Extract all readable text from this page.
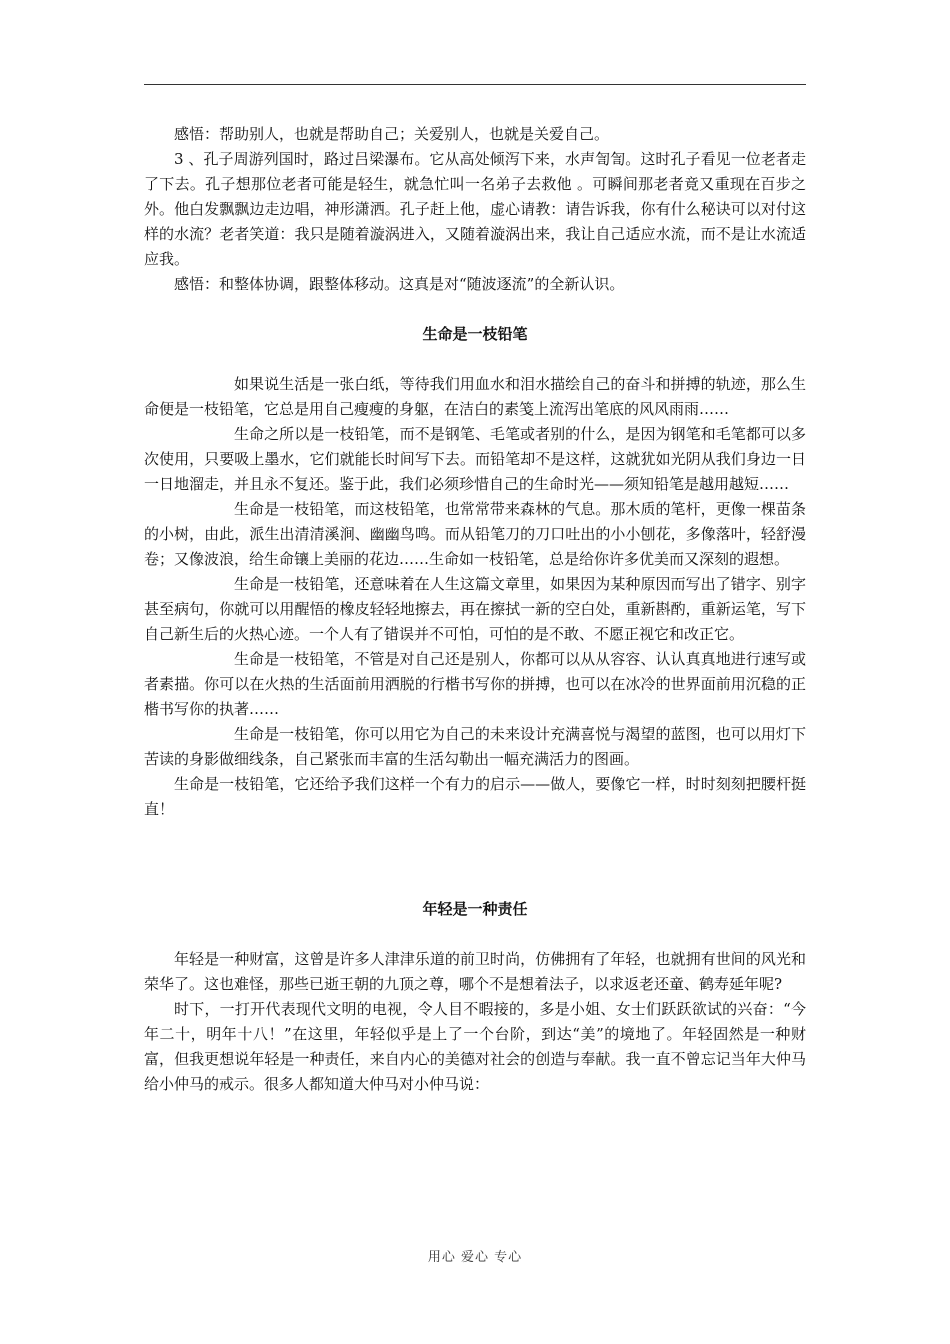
感悟：帮助别人，也就是帮助自己；关爱别人，也就是关爱自己。

3 、孔子周游列国时，路过吕梁瀑布。它从高处倾泻下来，水声訇訇。这时孔子看见一位老者走了下去。孔子想那位老者可能是轻生，就急忙叫一名弟子去救他 。可瞬间那老者竟又重现在百步之外。他白发飘飘边走边唱，神形潇洒。孔子赶上他，虚心请教：请告诉我，你有什么秘诀可以对付这样的水流？老者笑道：我只是随着漩涡进入，又随着漩涡出来，我让自己适应水流，而不是让水流适应我。

感悟：和整体协调，跟整体移动。这真是对“随波逐流”的全新认识。

生命是一枝铅笔

如果说生活是一张白纸，等待我们用血水和泪水描绘自己的奋斗和拼搏的轨迹，那么生命便是一枝铅笔，它总是用自己瘦瘦的身躯，在洁白的素笺上流泻出笔底的风风雨雨……

生命之所以是一枝铅笔，而不是钢笔、毛笔或者别的什么，是因为钢笔和毛笔都可以多次使用，只要吸上墨水，它们就能长时间写下去。而铅笔却不是这样，这就犹如光阴从我们身边一日一日地溜走，并且永不复还。鉴于此，我们必须珍惜自己的生命时光——须知铅笔是越用越短……

生命是一枝铅笔，而这枝铅笔，也常常带来森林的气息。那木质的笔杆，更像一棵苗条的小树，由此，派生出清清溪涧、幽幽鸟鸣。而从铅笔刀的刀口吐出的小小刨花，多像落叶，轻舒漫卷；又像波浪，给生命镶上美丽的花边……生命如一枝铅笔，总是给你许多优美而又深刻的遐想。

生命是一枝铅笔，还意味着在人生这篇文章里，如果因为某种原因而写出了错字、别字甚至病句，你就可以用醒悟的橡皮轻轻地擦去，再在擦拭一新的空白处，重新斟酌，重新运笔，写下自己新生后的火热心迹。一个人有了错误并不可怕，可怕的是不敢、不愿正视它和改正它。

生命是一枝铅笔，不管是对自己还是别人，你都可以从从容容、认认真真地进行速写或者素描。你可以在火热的生活面前用洒脱的行楷书写你的拼搏，也可以在冰冷的世界面前用沉稳的正楷书写你的执著……

生命是一枝铅笔，你可以用它为自己的未来设计充满喜悦与渴望的蓝图，也可以用灯下苦读的身影做细线条，自己紧张而丰富的生活勾勒出一幅充满活力的图画。

生命是一枝铅笔，它还给予我们这样一个有力的启示——做人，要像它一样，时时刻刻把腰杆挺直！

年轻是一种责任

年轻是一种财富，这曾是许多人津津乐道的前卫时尚，仿佛拥有了年轻，也就拥有世间的风光和荣华了。这也难怪，那些已逝王朝的九顶之尊，哪个不是想着法子，以求返老还童、鹤寿延年呢?

时下，一打开代表现代文明的电视，令人目不暇接的，多是小姐、女士们跃跃欲试的兴奋：“今年二十，明年十八！”在这里，年轻似乎是上了一个台阶，到达“美”的境地了。年轻固然是一种财富，但我更想说年轻是一种责任，来自内心的美德对社会的创造与奉献。我一直不曾忘记当年大仲马给小仲马的戒示。很多人都知道大仲马对小仲马说：

用心 爱心 专心
